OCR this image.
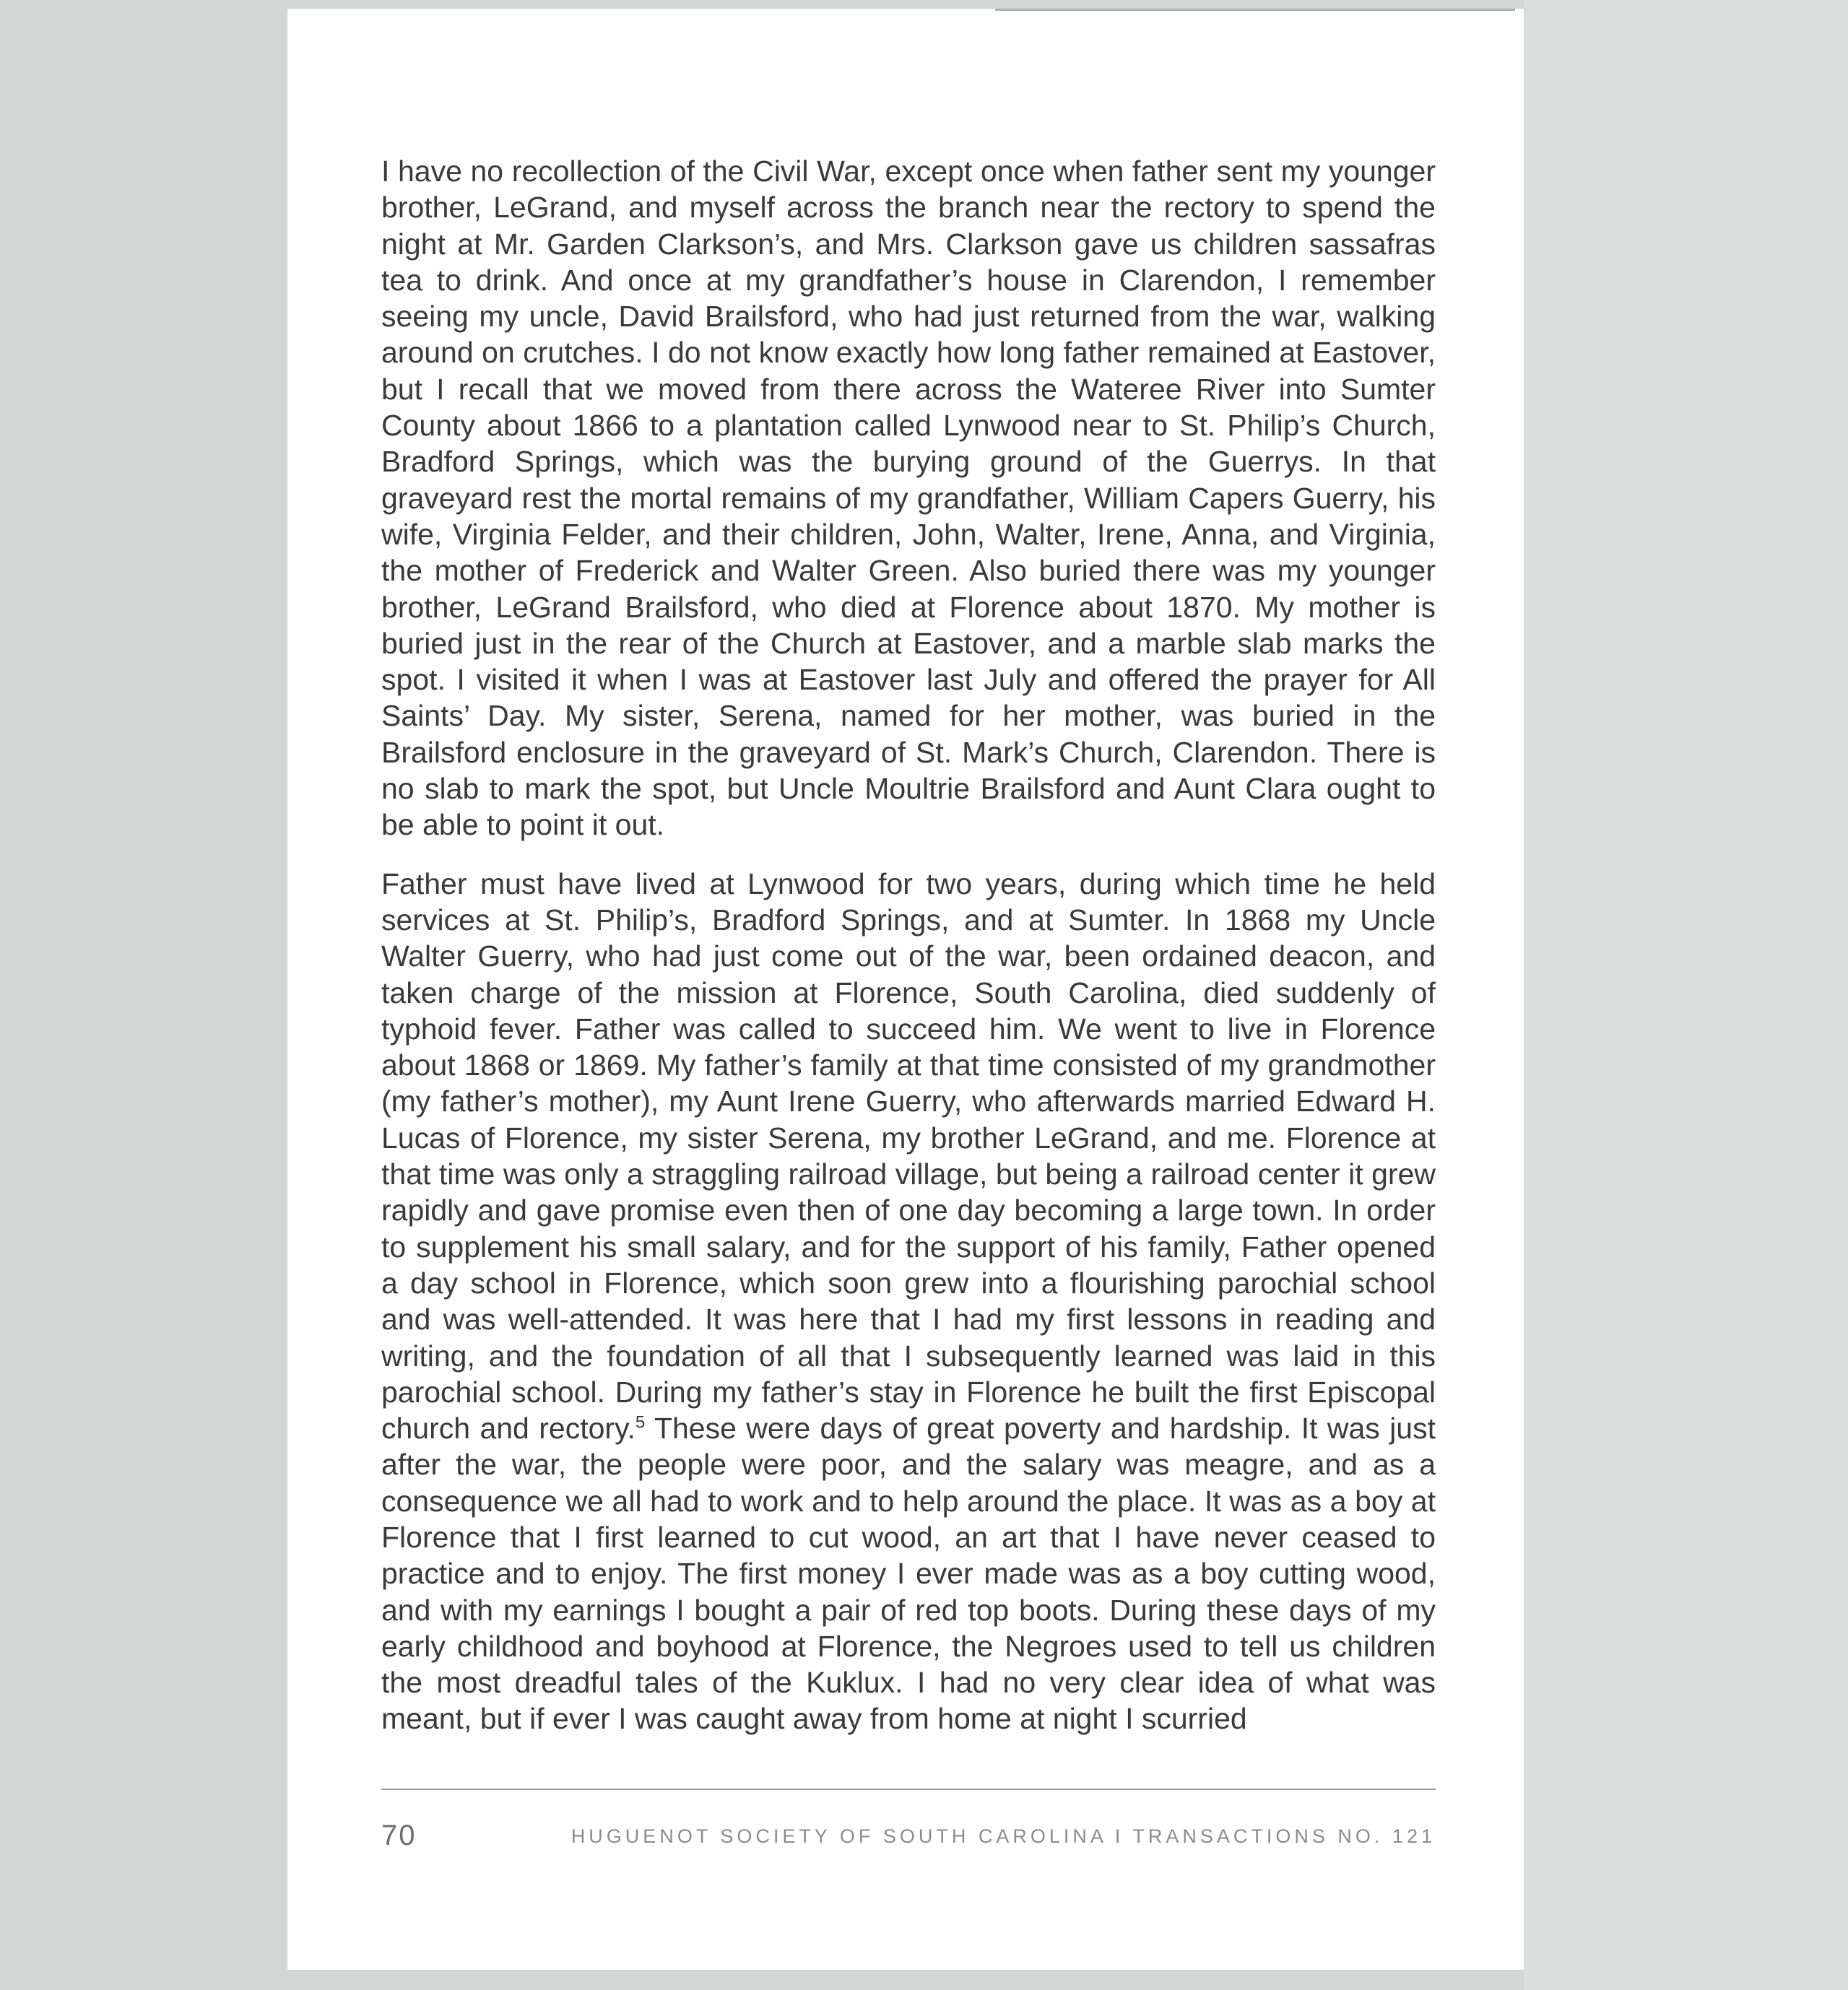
I have no recollection of the Civil War, except once when father sent my younger brother, LeGrand, and myself across the branch near the rectory to spend the night at Mr. Garden Clarkson’s, and Mrs. Clarkson gave us children sassafras tea to drink. And once at my grandfather’s house in Clarendon, I remember seeing my uncle, David Brailsford, who had just returned from the war, walking around on crutches. I do not know exactly how long father remained at Eastover, but I recall that we moved from there across the Wateree River into Sumter County about 1866 to a plantation called Lynwood near to St. Philip’s Church, Bradford Springs, which was the burying ground of the Guerrys. In that graveyard rest the mortal remains of my grandfather, William Capers Guerry, his wife, Virginia Felder, and their children, John, Walter, Irene, Anna, and Virginia, the mother of Frederick and Walter Green. Also buried there was my younger brother, LeGrand Brailsford, who died at Florence about 1870. My mother is buried just in the rear of the Church at Eastover, and a marble slab marks the spot. I visited it when I was at Eastover last July and offered the prayer for All Saints’ Day. My sister, Serena, named for her mother, was buried in the Brailsford enclosure in the graveyard of St. Mark’s Church, Clarendon. There is no slab to mark the spot, but Uncle Moultrie Brailsford and Aunt Clara ought to be able to point it out.

Father must have lived at Lynwood for two years, during which time he held services at St. Philip’s, Bradford Springs, and at Sumter. In 1868 my Uncle Walter Guerry, who had just come out of the war, been ordained deacon, and taken charge of the mission at Florence, South Carolina, died suddenly of typhoid fever. Father was called to succeed him. We went to live in Florence about 1868 or 1869. My father’s family at that time consisted of my grandmother (my father’s mother), my Aunt Irene Guerry, who afterwards married Edward H. Lucas of Florence, my sister Serena, my brother LeGrand, and me. Florence at that time was only a straggling railroad village, but being a railroad center it grew rapidly and gave promise even then of one day becoming a large town. In order to supplement his small salary, and for the support of his family, Father opened a day school in Florence, which soon grew into a flourishing parochial school and was well-attended. It was here that I had my first lessons in reading and writing, and the foundation of all that I subsequently learned was laid in this parochial school. During my father’s stay in Florence he built the first Episcopal church and rectory.$^5$ These were days of great poverty and hardship. It was just after the war, the people were poor, and the salary was meagre, and as a consequence we all had to work and to help around the place. It was as a boy at Florence that I first learned to cut wood, an art that I have never ceased to practice and to enjoy. The first money I ever made was as a boy cutting wood, and with my earnings I bought a pair of red top boots. During these days of my early childhood and boyhood at Florence, the Negroes used to tell us children the most dreadful tales of the Kuklux. I had no very clear idea of what was meant, but if ever I was caught away from home at night I scurried

70	HUGUENOT SOCIETY OF SOUTH CAROLINA I TRANSACTIONS NO. 121
